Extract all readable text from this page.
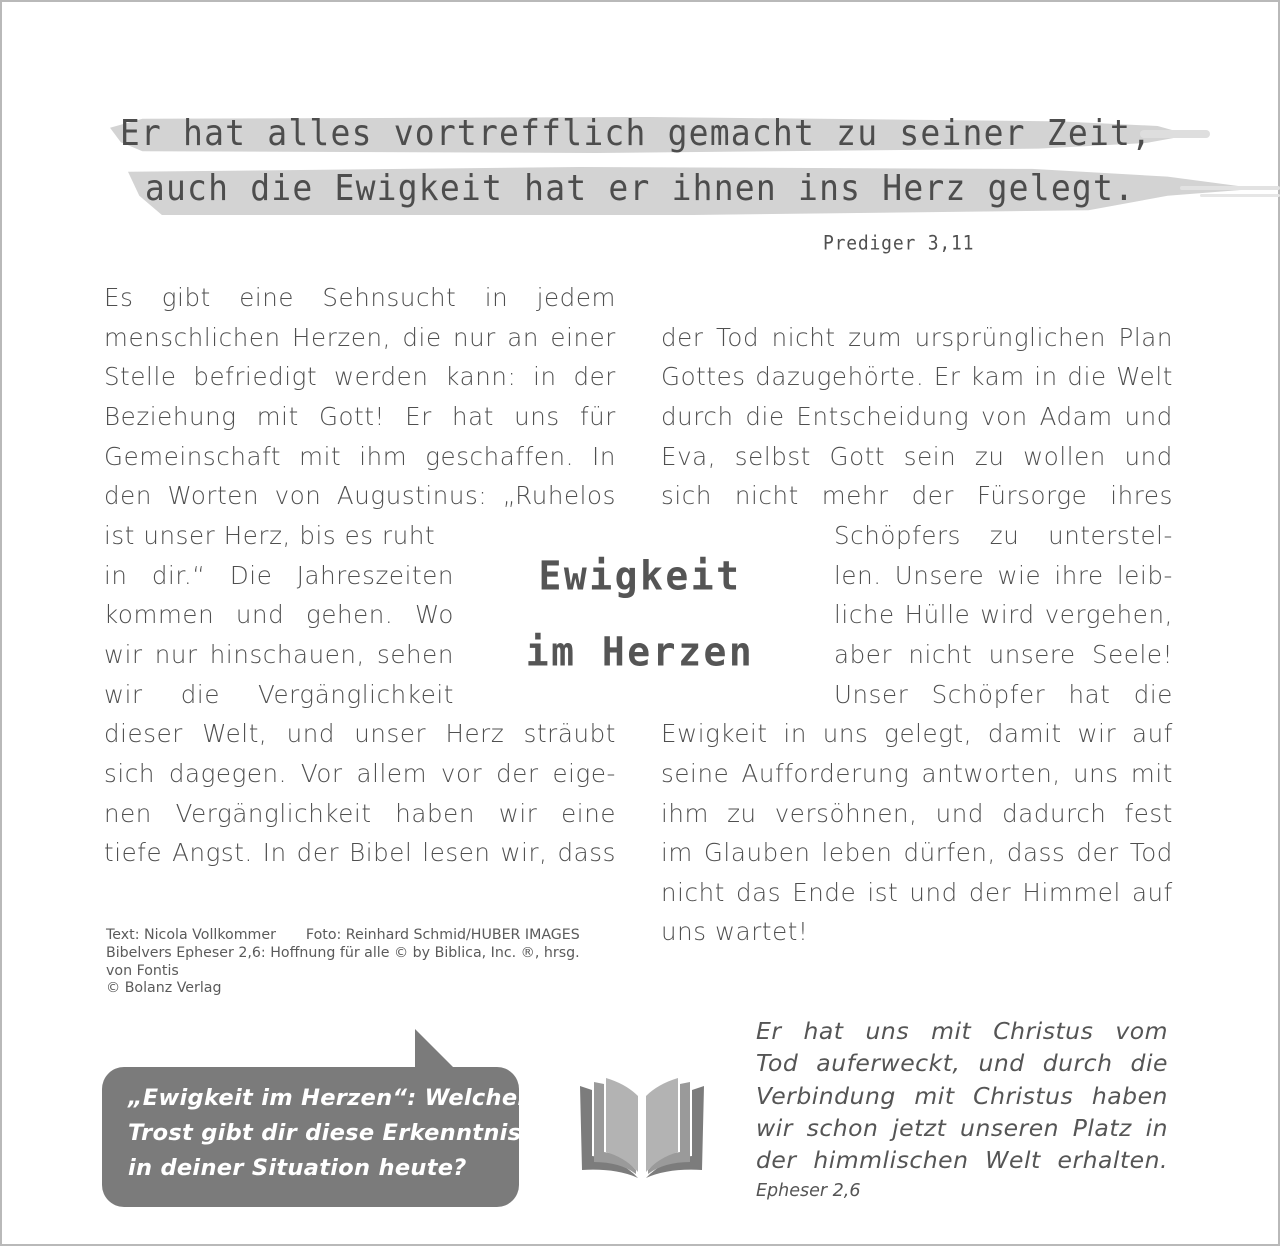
Er hat alles vortrefflich gemacht zu seiner Zeit,
auch die Ewigkeit hat er ihnen ins Herz gelegt.
Prediger 3,11
Es gibt eine Sehnsucht in jedem
menschlichen Herzen, die nur an einer
Stelle befriedigt werden kann: in der
Beziehung mit Gott! Er hat uns für
Gemeinschaft mit ihm geschaffen. In
den Worten von Augustinus: „Ruhelos
ist unser Herz, bis es ruht
in dir.“ Die Jahreszeiten
kommen und gehen. Wo
wir nur hinschauen, sehen
wir die Vergänglichkeit
dieser Welt, und unser Herz sträubt
sich dagegen. Vor allem vor der eige-
nen Vergänglichkeit haben wir eine
tiefe Angst. In der Bibel lesen wir, dass
Ewigkeit
im Herzen
der Tod nicht zum ursprünglichen Plan
Gottes dazugehörte. Er kam in die Welt
durch die Entscheidung von Adam und
Eva, selbst Gott sein zu wollen und
sich nicht mehr der Fürsorge ihres
Schöpfers zu unterstel-
len. Unsere wie ihre leib-
liche Hülle wird vergehen,
aber nicht unsere Seele!
Unser Schöpfer hat die
Ewigkeit in uns gelegt, damit wir auf
seine Aufforderung antworten, uns mit
ihm zu versöhnen, und dadurch fest
im Glauben leben dürfen, dass der Tod
nicht das Ende ist und der Himmel auf
uns wartet!
Text: Nicola Vollkommer Foto: Reinhard Schmid/HUBER IMAGES
Bibelvers Epheser 2,6: Hoffnung für alle © by Biblica, Inc. ®, hrsg.
von Fontis
© Bolanz Verlag
„Ewigkeit im Herzen“: Welchen
Trost gibt dir diese Erkenntnis
in deiner Situation heute?
Er hat uns mit Christus vom
Tod auferweckt, und durch die
Verbindung mit Christus haben
wir schon jetzt unseren Platz in
der himmlischen Welt erhalten.
Epheser 2,6
